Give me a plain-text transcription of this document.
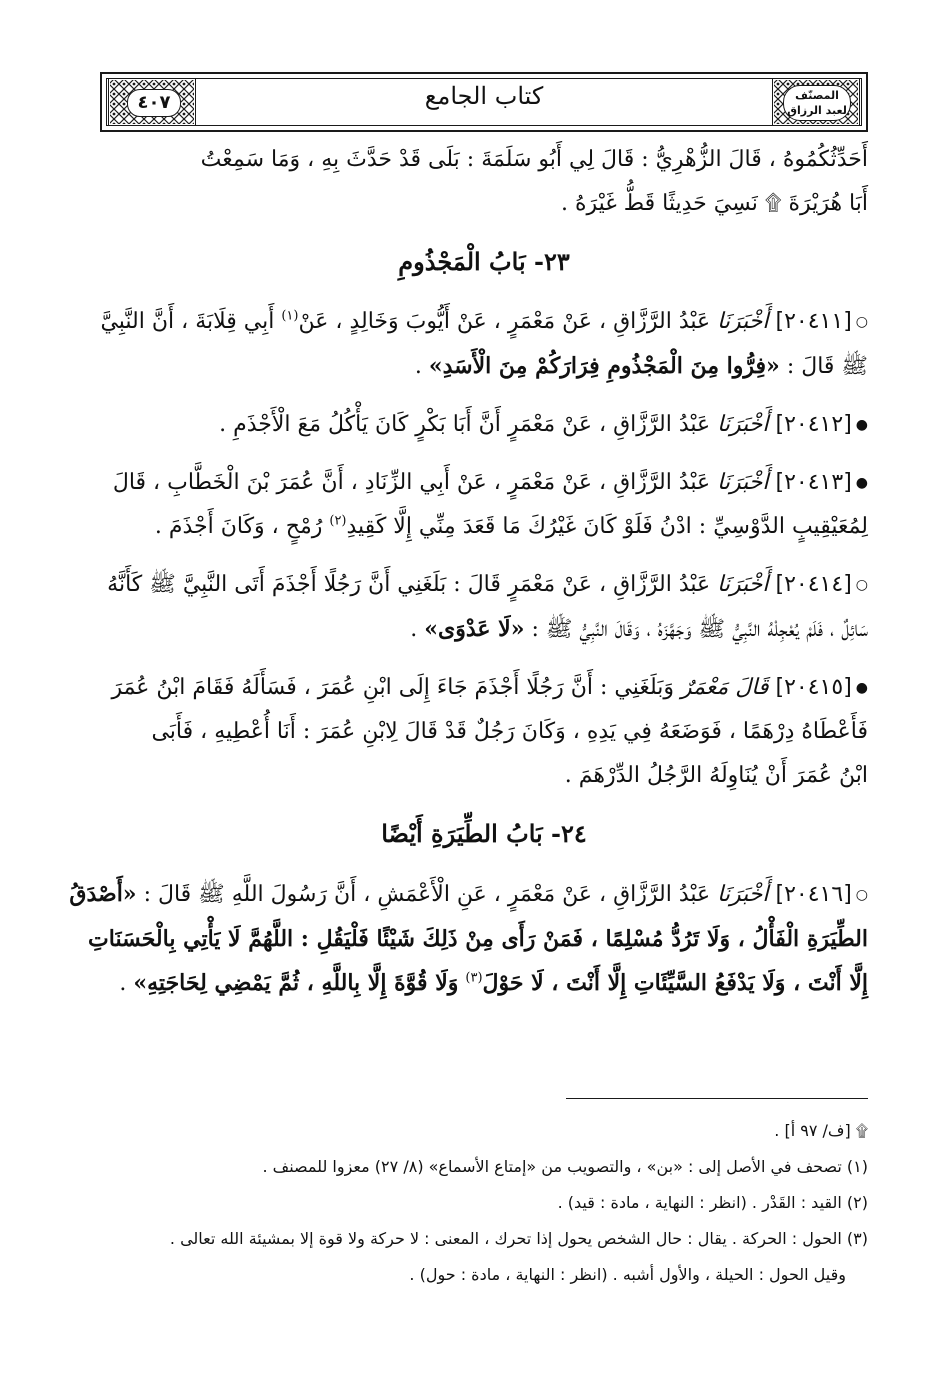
٤٠٧	كتاب الجامع	المصنّف
لعبد الرزاق
أَحَدِّثُكُمُوهُ ، قَالَ الزُّهْرِيُّ : قَالَ لِي أَبُو سَلَمَةَ : بَلَى قَدْ حَدَّثَ بِهِ ، وَمَا سَمِعْتُ
أَبَا هُرَيْرَةَ ۩ نَسِيَ حَدِيثًا قَطُّ غَيْرَهُ .
٢٣- بَابُ الْمَجْذُومِ
○[٢٠٤١١] أَخْبَرَنَا عَبْدُ الرَّزَّاقِ ، عَنْ مَعْمَرٍ ، عَنْ أَيُّوبَ وَخَالِدٍ ، عَنْ$^{(١)}$ أَبِي قِلَابَةَ ، أَنَّ النَّبِيَّ
ﷺ قَالَ : «فِرُّوا مِنَ الْمَجْذُومِ فِرَارَكُمْ مِنَ الْأَسَدِ» .
●[٢٠٤١٢] أَخْبَرَنَا عَبْدُ الرَّزَّاقِ ، عَنْ مَعْمَرٍ أَنَّ أَبَا بَكْرٍ كَانَ يَأْكُلُ مَعَ الْأَجْذَمِ .
●[٢٠٤١٣] أَخْبَرَنَا عَبْدُ الرَّزَّاقِ ، عَنْ مَعْمَرٍ ، عَنْ أَبِي الزِّنَادِ ، أَنَّ عُمَرَ بْنَ الْخَطَّابِ ، قَالَ
لِمُعَيْقِيبٍ الدَّوْسِيِّ : ادْنُ فَلَوْ كَانَ غَيْرُكَ مَا قَعَدَ مِنِّي إِلَّا كَقِيدِ$^{(٢)}$ رُمْحٍ ، وَكَانَ أَجْذَمَ .
○[٢٠٤١٤] أَخْبَرَنَا عَبْدُ الرَّزَّاقِ ، عَنْ مَعْمَرٍ قَالَ : بَلَغَنِي أَنَّ رَجُلًا أَجْذَمَ أَتَى النَّبِيَّ ﷺ كَأَنَّهُ
سَائِلٌ ، فَلَمْ يُعْجِلْهُ النَّبِيُّ ﷺ وَجَهَّزَهُ ، وَقَالَ النَّبِيُّ ﷺ : «لَا عَدْوَى» .
●[٢٠٤١٥] قَالَ مَعْمَرٌ وَبَلَغَنِي : أَنَّ رَجُلًا أَجْذَمَ جَاءَ إِلَى ابْنِ عُمَرَ ، فَسَأَلَهُ فَقَامَ ابْنُ عُمَرَ
فَأَعْطَاهُ دِرْهَمًا ، فَوَضَعَهُ فِي يَدِهِ ، وَكَانَ رَجُلٌ قَدْ قَالَ لِابْنِ عُمَرَ : أَنَا أُعْطِيهِ ، فَأَبَى
ابْنُ عُمَرَ أَنْ يُنَاوِلَهُ الرَّجُلُ الدِّرْهَمَ .
٢٤- بَابُ الطِّيَرَةِ أَيْضًا
○[٢٠٤١٦] أَخْبَرَنَا عَبْدُ الرَّزَّاقِ ، عَنْ مَعْمَرٍ ، عَنِ الْأَعْمَشِ ، أَنَّ رَسُولَ اللَّهِ ﷺ قَالَ : «أَصْدَقُ
الطِّيَرَةِ الْفَأْلُ ، وَلَا تَرُدُّ مُسْلِمًا ، فَمَنْ رَأَى مِنْ ذَلِكَ شَيْئًا فَلْيَقُلِ : اللَّهُمَّ لَا يَأْتِي بِالْحَسَنَاتِ
إِلَّا أَنْتَ ، وَلَا يَدْفَعُ السَّيِّئَاتِ إِلَّا أَنْتَ ، لَا حَوْلَ$^{(٣)}$ وَلَا قُوَّةَ إِلَّا بِاللَّهِ ، ثُمَّ يَمْضِي لِحَاجَتِهِ» .
۩ [ف/ ٩٧ أ] .
(١) تصحف في الأصل إلى : «بن» ، والتصويب من «إمتاع الأسماع» (٨/ ٢٧) معزوا للمصنف .
(٢) القيد : القَدْر . (انظر : النهاية ، مادة : قيد) .
(٣) الحول : الحركة . يقال : حال الشخص يحول إذا تحرك ، المعنى : لا حركة ولا قوة إلا بمشيئة الله تعالى .
وقيل الحول : الحيلة ، والأول أشبه . (انظر : النهاية ، مادة : حول) .
